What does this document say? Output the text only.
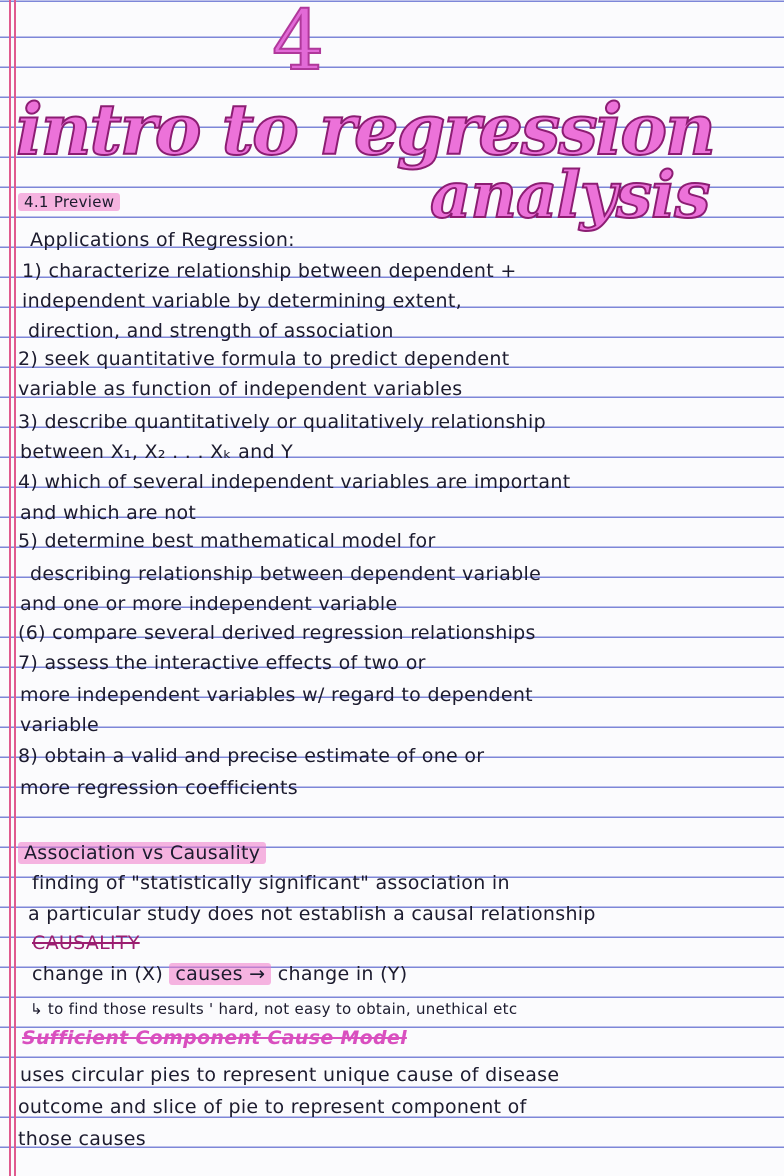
4
intro to regression
analysis
4.1 Preview
Applications of Regression:
1) characterize relationship between dependent +
independent variable by determining extent,
direction, and strength of association
2) seek quantitative formula to predict dependent
variable as function of independent variables
3) describe quantitatively or qualitatively relationship
between X₁, X₂ . . . Xₖ and Y
4) which of several independent variables are important
and which are not
5) determine best mathematical model for
describing relationship between dependent variable
and one or more independent variable
(6) compare several derived regression relationships
7) assess the interactive effects of two or
more independent variables w/ regard to dependent
variable
8) obtain a valid and precise estimate of one or
more regression coefficients
Association vs Causality
finding of "statistically significant" association in
a particular study does not establish a causal relationship
CAUSALITY
change in (X) causes → change in (Y)
↳ to find those results ' hard, not easy to obtain, unethical etc
Sufficient Component Cause Model
uses circular pies to represent unique cause of disease
outcome and slice of pie to represent component of
those causes
